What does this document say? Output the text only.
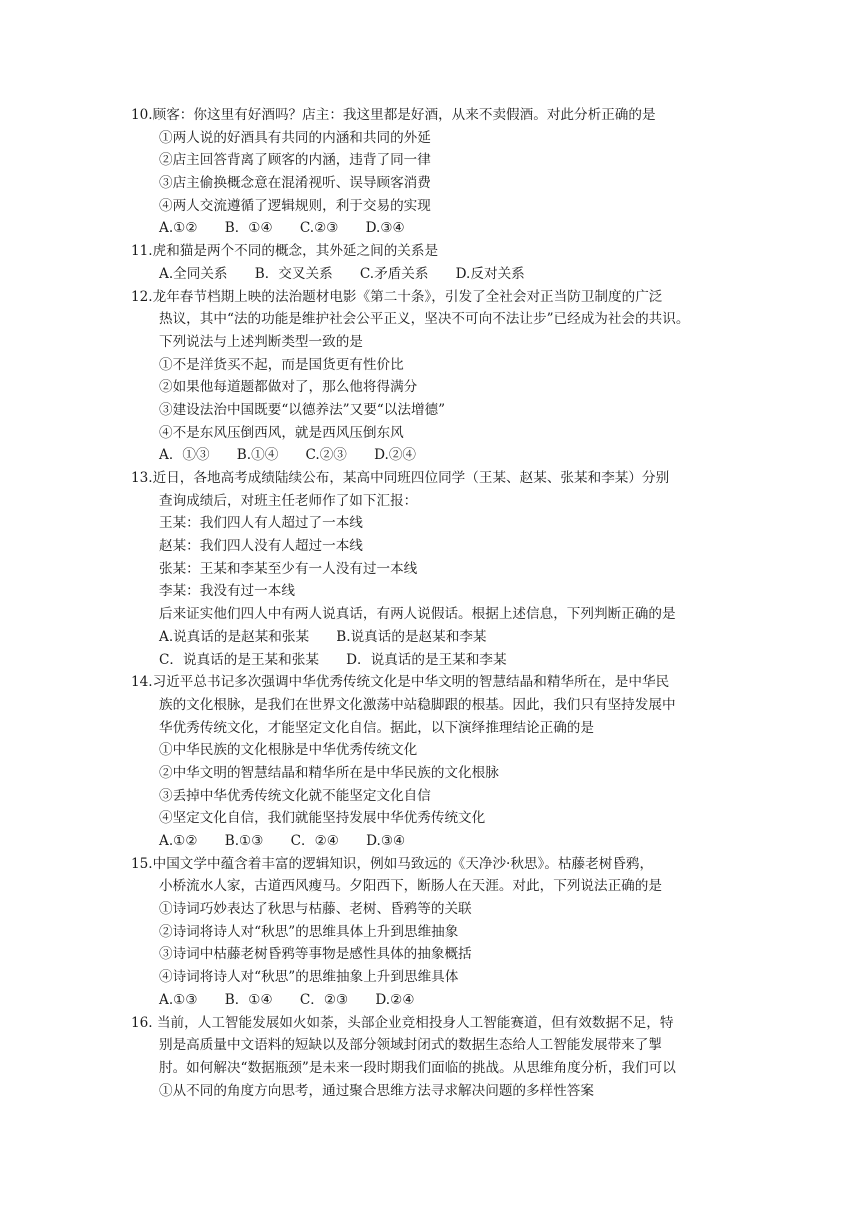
10.顾客：你这里有好酒吗？店主：我这里都是好酒，从来不卖假酒。对此分析正确的是
①两人说的好酒具有共同的内涵和共同的外延
②店主回答背离了顾客的内涵，违背了同一律
③店主偷换概念意在混淆视听、误导顾客消费
④两人交流遵循了逻辑规则，利于交易的实现
A.①②　　B．①④　　C.②③　　D.③④
11.虎和猫是两个不同的概念，其外延之间的关系是
A.全同关系　　B．交叉关系　　C.矛盾关系　　D.反对关系
12.龙年春节档期上映的法治题材电影《第二十条》，引发了全社会对正当防卫制度的广泛
热议，其中“法的功能是维护社会公平正义，坚决不可向不法让步”已经成为社会的共识。
下列说法与上述判断类型一致的是
①不是洋货买不起，而是国货更有性价比
②如果他每道题都做对了，那么他将得满分
③建设法治中国既要“以德养法”又要“以法增德”
④不是东风压倒西风，就是西风压倒东风
A．①③　　B.①④　　C.②③　　D.②④
13.近日，各地高考成绩陆续公布，某高中同班四位同学（王某、赵某、张某和李某）分别
查询成绩后，对班主任老师作了如下汇报：
王某：我们四人有人超过了一本线
赵某：我们四人没有人超过一本线
张某：王某和李某至少有一人没有过一本线
李某：我没有过一本线
后来证实他们四人中有两人说真话，有两人说假话。根据上述信息，下列判断正确的是
A.说真话的是赵某和张某　　B.说真话的是赵某和李某
C．说真话的是王某和张某　　D．说真话的是王某和李某
14.习近平总书记多次强调中华优秀传统文化是中华文明的智慧结晶和精华所在，是中华民
族的文化根脉，是我们在世界文化激荡中站稳脚跟的根基。因此，我们只有坚持发展中
华优秀传统文化，才能坚定文化自信。据此，以下演绎推理结论正确的是
①中华民族的文化根脉是中华优秀传统文化
②中华文明的智慧结晶和精华所在是中华民族的文化根脉
③丢掉中华优秀传统文化就不能坚定文化自信
④坚定文化自信，我们就能坚持发展中华优秀传统文化
A.①②　　B.①③　　C．②④　　D.③④
15.中国文学中蕴含着丰富的逻辑知识，例如马致远的《天净沙·秋思》。枯藤老树昏鸦，
小桥流水人家，古道西风瘦马。夕阳西下，断肠人在天涯。对此，下列说法正确的是
①诗词巧妙表达了秋思与枯藤、老树、昏鸦等的关联
②诗词将诗人对“秋思”的思维具体上升到思维抽象
③诗词中枯藤老树昏鸦等事物是感性具体的抽象概括
④诗词将诗人对“秋思”的思维抽象上升到思维具体
A.①③　　B．①④　　C．②③　　D.②④
16. 当前，人工智能发展如火如荼，头部企业竞相投身人工智能赛道，但有效数据不足，特
别是高质量中文语料的短缺以及部分领域封闭式的数据生态给人工智能发展带来了掣
肘。如何解决“数据瓶颈”是未来一段时期我们面临的挑战。从思维角度分析，我们可以
①从不同的角度方向思考，通过聚合思维方法寻求解决问题的多样性答案
